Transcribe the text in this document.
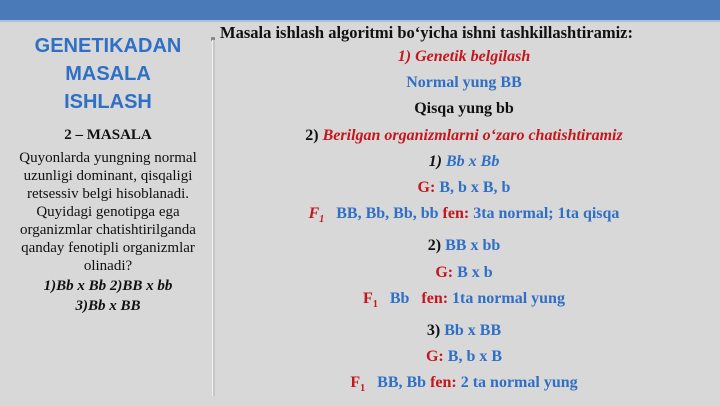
GENETIKADAN

MASALA

ISHLASH

2 – MASALA
Quyonlarda yungning normal uzunligi dominant, qisqaligi retsessiv belgi hisoblanadi. Quyidagi genotipga ega organizmlar chatishtirilganda qanday fenotipli organizmlar olinadi?
1)Bb x Bb 2)BB x bb
3)Bb x BB
Masala ishlash algoritmi bo‘yicha ishni tashkillashtiramiz:
1) Genetik belgilash
Normal yung BB
Qisqa yung bb
2) Berilgan organizmlarni o‘zaro chatishtiramiz
1) Bb x Bb
G: B, b x B, b
$F_1$ BB, Bb, Bb, bb fen: 3ta normal; 1ta qisqa
2) BB x bb
G: B x b
$F_1$ Bb fen: 1ta normal yung
3) Bb x BB
G: B, b x B
$F_1$ BB, Bb fen: 2 ta normal yung
